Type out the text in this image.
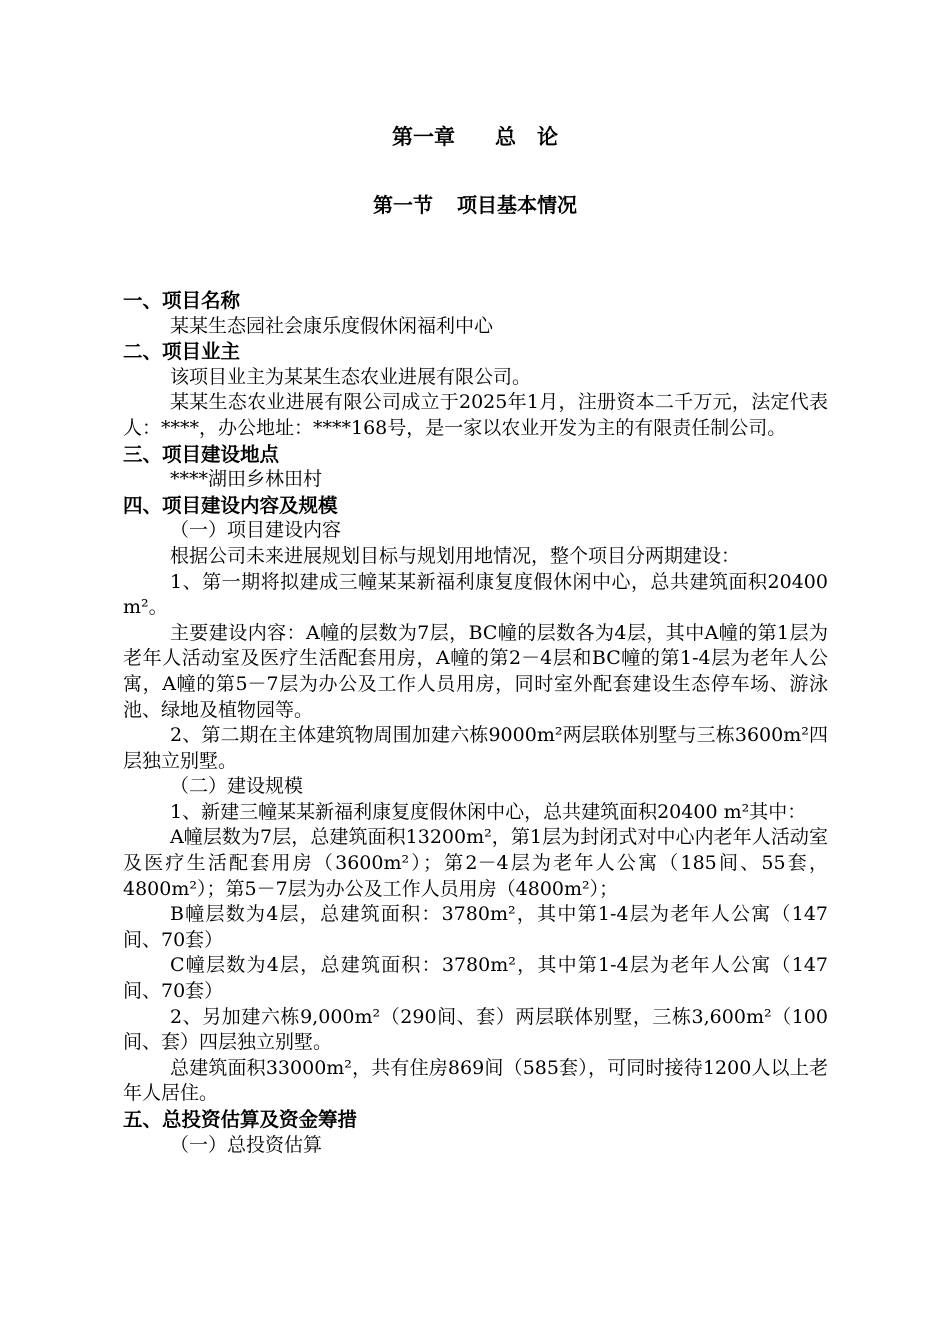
第一章 总　论
第一节 项目基本情况

一、项目名称

某某生态园社会康乐度假休闲福利中心

二、项目业主

该项目业主为某某生态农业进展有限公司。

某某生态农业进展有限公司成立于2025年1月，注册资本二千万元，法定代表人：****，办公地址：****168号，是一家以农业开发为主的有限责任制公司。

三、项目建设地点

****湖田乡林田村

四、项目建设内容及规模

（一）项目建设内容

根据公司未来进展规划目标与规划用地情况，整个项目分两期建设：

1、第一期将拟建成三幢某某新福利康复度假休闲中心，总共建筑面积20400 m²。

主要建设内容：A幢的层数为7层，BC幢的层数各为4层，其中A幢的第1层为老年人活动室及医疗生活配套用房，A幢的第2－4层和BC幢的第1-4层为老年人公寓，A幢的第5－7层为办公及工作人员用房，同时室外配套建设生态停车场、游泳池、绿地及植物园等。

2、第二期在主体建筑物周围加建六栋9000m²两层联体别墅与三栋3600m²四层独立别墅。

（二）建设规模

1、新建三幢某某新福利康复度假休闲中心，总共建筑面积20400 m²其中：

A幢层数为7层，总建筑面积13200m²，第1层为封闭式对中心内老年人活动室及医疗生活配套用房（3600m²）；第2－4层为老年人公寓（185间、55套，4800m²）；第5－7层为办公及工作人员用房（4800m²）；

B幢层数为4层，总建筑面积：3780m²，其中第1-4层为老年人公寓（147间、70套）

C幢层数为4层，总建筑面积：3780m²，其中第1-4层为老年人公寓（147间、70套）

2、另加建六栋9,000m²（290间、套）两层联体别墅，三栋3,600m²（100间、套）四层独立别墅。

总建筑面积33000m²，共有住房869间（585套），可同时接待1200人以上老年人居住。

五、总投资估算及资金筹措

（一）总投资估算
